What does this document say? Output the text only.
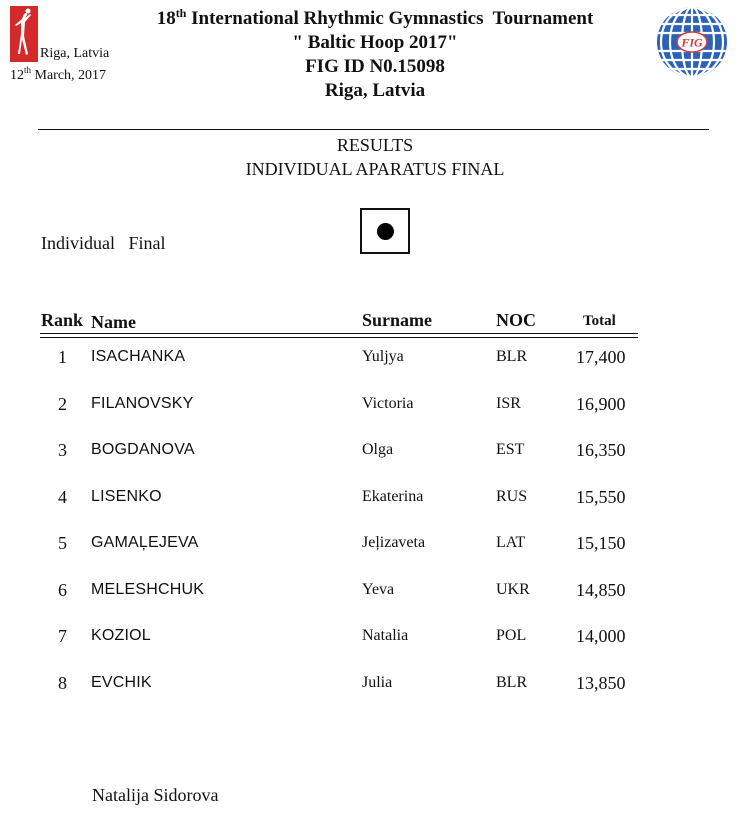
Riga, Latvia
12th March, 2017
18th International Rhythmic Gymnastics  Tournament
" Baltic Hoop 2017"
FIG ID N0.15098
Riga, Latvia
FIG
RESULTS
INDIVIDUAL APARATUS FINAL
Individual   Final
Rank Name	Surname	NOC	Total
1 ISACHANKA	Yuljya	BLR	17,400
2 FILANOVSKY	Victoria	ISR	16,900
3 BOGDANOVA	Olga	EST	16,350
4 LISENKO	Ekaterina	RUS	15,550
5 GAMAĻEJEVA	Jeļizaveta	LAT	15,150
6 MELESHCHUK	Yeva	UKR	14,850
7 KOZIOL	Natalia	POL	14,000
8 EVCHIK	Julia	BLR	13,850
Natalija Sidorova
